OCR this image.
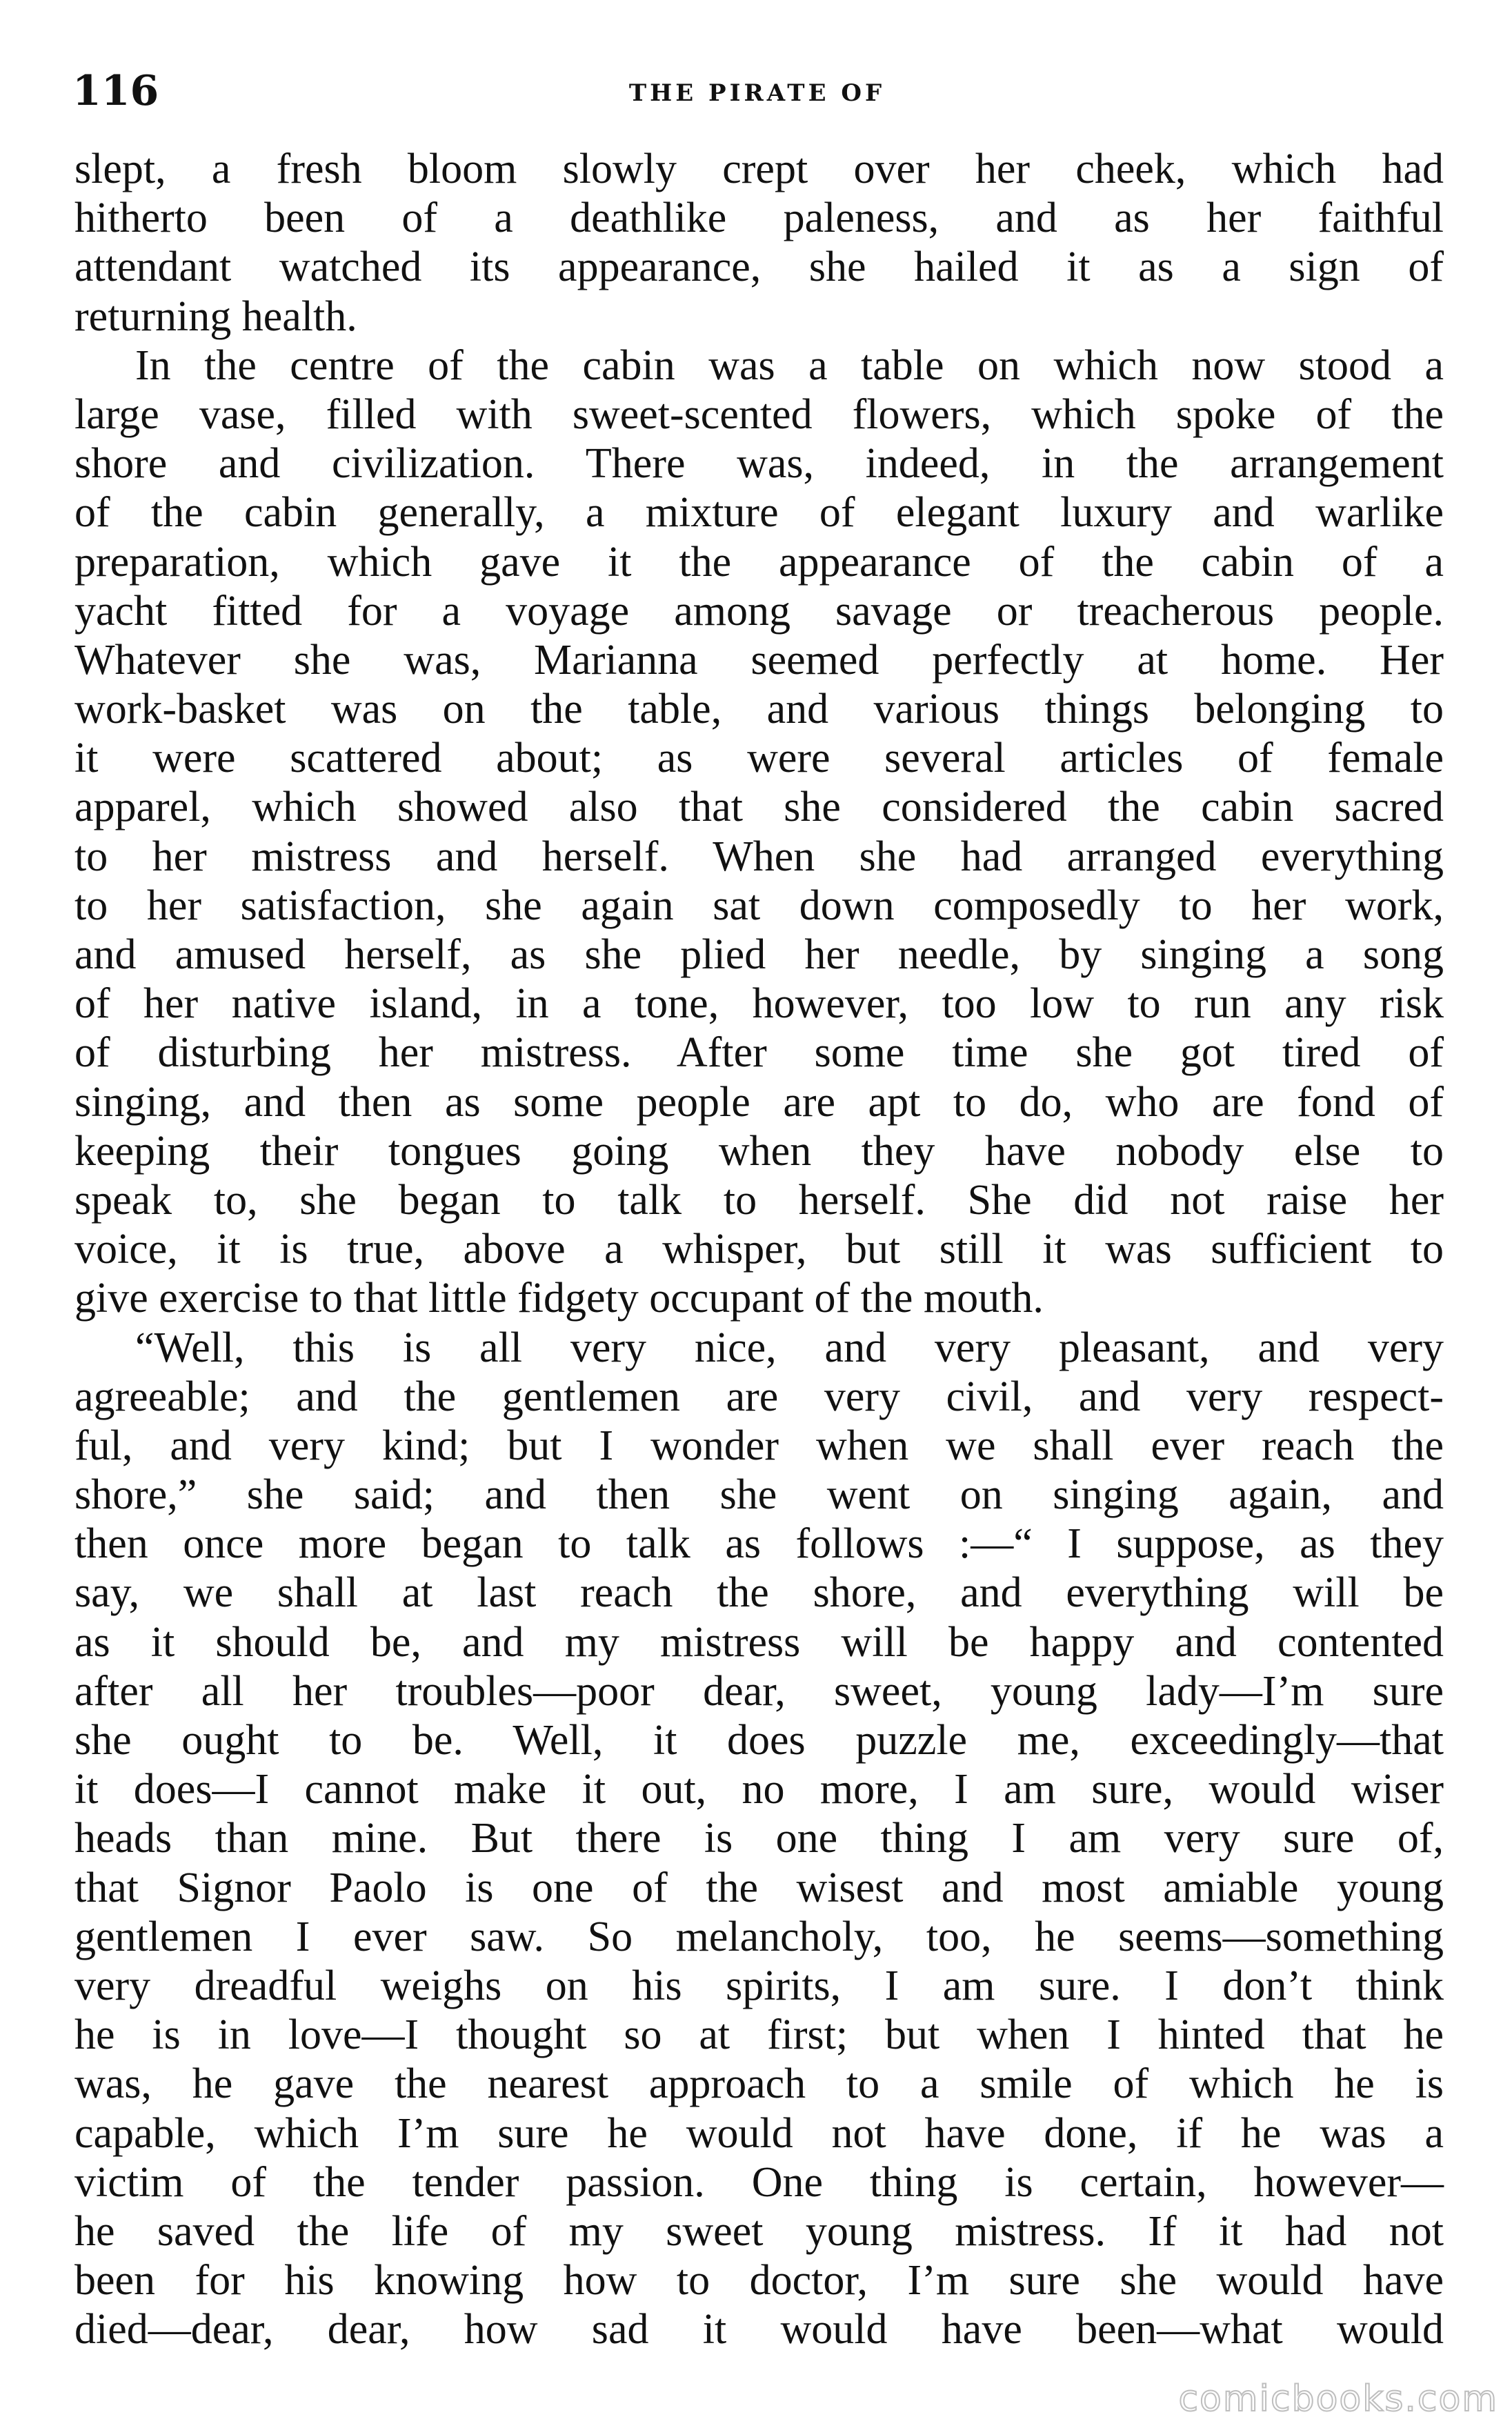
116	THE PIRATE OF
slept, a fresh bloom slowly crept over her cheek, which had
hitherto been of a deathlike paleness, and as her faithful
attendant watched its appearance, she hailed it as a sign of
returning health.
In the centre of the cabin was a table on which now stood a
large vase, filled with sweet-scented flowers, which spoke of the
shore and civilization. There was, indeed, in the arrangement
of the cabin generally, a mixture of elegant luxury and warlike
preparation, which gave it the appearance of the cabin of a
yacht fitted for a voyage among savage or treacherous people.
Whatever she was, Marianna seemed perfectly at home. Her
work-basket was on the table, and various things belonging to
it were scattered about; as were several articles of female
apparel, which showed also that she considered the cabin sacred
to her mistress and herself. When she had arranged everything
to her satisfaction, she again sat down composedly to her work,
and amused herself, as she plied her needle, by singing a song
of her native island, in a tone, however, too low to run any risk
of disturbing her mistress. After some time she got tired of
singing, and then as some people are apt to do, who are fond of
keeping their tongues going when they have nobody else to
speak to, she began to talk to herself. She did not raise her
voice, it is true, above a whisper, but still it was sufficient to
give exercise to that little fidgety occupant of the mouth.
“Well, this is all very nice, and very pleasant, and very
agreeable; and the gentlemen are very civil, and very respect-
ful, and very kind; but I wonder when we shall ever reach the
shore,” she said; and then she went on singing again, and
then once more began to talk as follows :—“ I suppose, as they
say, we shall at last reach the shore, and everything will be
as it should be, and my mistress will be happy and contented
after all her troubles—poor dear, sweet, young lady—I’m sure
she ought to be. Well, it does puzzle me, exceedingly—that
it does—I cannot make it out, no more, I am sure, would wiser
heads than mine. But there is one thing I am very sure of,
that Signor Paolo is one of the wisest and most amiable young
gentlemen I ever saw. So melancholy, too, he seems—something
very dreadful weighs on his spirits, I am sure. I don’t think
he is in love—I thought so at first; but when I hinted that he
was, he gave the nearest approach to a smile of which he is
capable, which I’m sure he would not have done, if he was a
victim of the tender passion. One thing is certain, however—
he saved the life of my sweet young mistress. If it had not
been for his knowing how to doctor, I’m sure she would have
died—dear, dear, how sad it would have been—what would
comicbooks.com
